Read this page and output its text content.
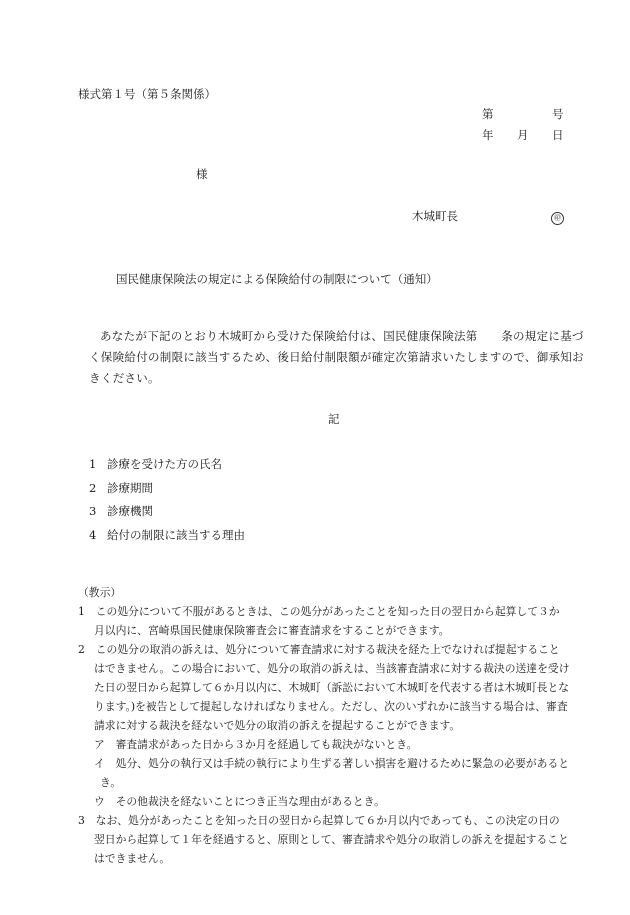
様式第１号（第５条関係）
第	号
年 月 日
様
木城町長	㊞
国民健康保険法の規定による保険給付の制限について（通知）
あなたが下記のとおり木城町から受けた保険給付は、国民健康保険法第　　条の規定に基づ
く保険給付の制限に該当するため、後日給付制限額が確定次第請求いたしますので、御承知お
きください。
記
1 診療を受けた方の氏名
2 診療期間
3 診療機関
4 給付の制限に該当する理由
（教示）
1　この処分について不服があるときは、この処分があったことを知った日の翌日から起算して３か
月以内に、宮崎県国民健康保険審査会に審査請求をすることができます。
2　この処分の取消の訴えは、処分について審査請求に対する裁決を経た上でなければ提起すること
はできません。この場合において、処分の取消の訴えは、当該審査請求に対する裁決の送達を受け
た日の翌日から起算して６か月以内に、木城町（訴訟において木城町を代表する者は木城町長とな
ります。)を被告として提起しなければなりません。ただし、次のいずれかに該当する場合は、審査
請求に対する裁決を経ないで処分の取消の訴えを提起することができます。
ア　審査請求があった日から３か月を経過しても裁決がないとき。
イ　処分、処分の執行又は手続の執行により生ずる著しい損害を避けるために緊急の必要があると
き。
ウ　その他裁決を経ないことにつき正当な理由があるとき。
3　なお、処分があったことを知った日の翌日から起算して６か月以内であっても、この決定の日の
翌日から起算して１年を経過すると、原則として、審査請求や処分の取消しの訴えを提起すること
はできません。
